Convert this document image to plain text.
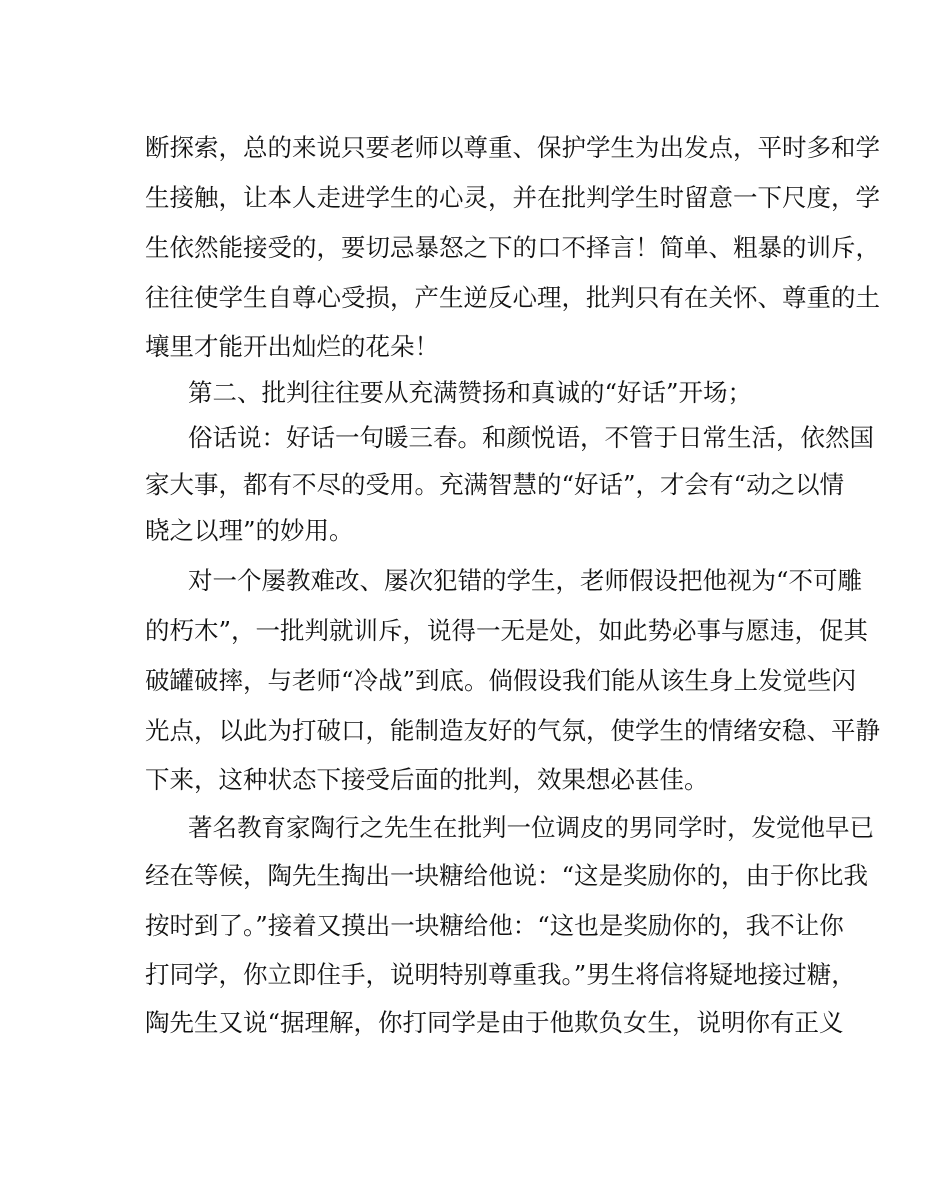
断探索，总的来说只要老师以尊重、保护学生为出发点，平时多和学
生接触，让本人走进学生的心灵，并在批判学生时留意一下尺度，学
生依然能接受的，要切忌暴怒之下的口不择言！简单、粗暴的训斥，
往往使学生自尊心受损，产生逆反心理，批判只有在关怀、尊重的土
壤里才能开出灿烂的花朵！
第二、批判往往要从充满赞扬和真诚的“好话”开场；
俗话说：好话一句暖三春。和颜悦语，不管于日常生活，依然国
家大事，都有不尽的受用。充满智慧的“好话”，才会有“动之以情
晓之以理”的妙用。
对一个屡教难改、屡次犯错的学生，老师假设把他视为“不可雕
的朽木”，一批判就训斥，说得一无是处，如此势必事与愿违，促其
破罐破摔，与老师“冷战”到底。倘假设我们能从该生身上发觉些闪
光点，以此为打破口，能制造友好的气氛，使学生的情绪安稳、平静
下来，这种状态下接受后面的批判，效果想必甚佳。
著名教育家陶行之先生在批判一位调皮的男同学时，发觉他早已
经在等候，陶先生掏出一块糖给他说：“这是奖励你的，由于你比我
按时到了。”接着又摸出一块糖给他：“这也是奖励你的，我不让你
打同学，你立即住手，说明特别尊重我。”男生将信将疑地接过糖，
陶先生又说“据理解，你打同学是由于他欺负女生，说明你有正义
